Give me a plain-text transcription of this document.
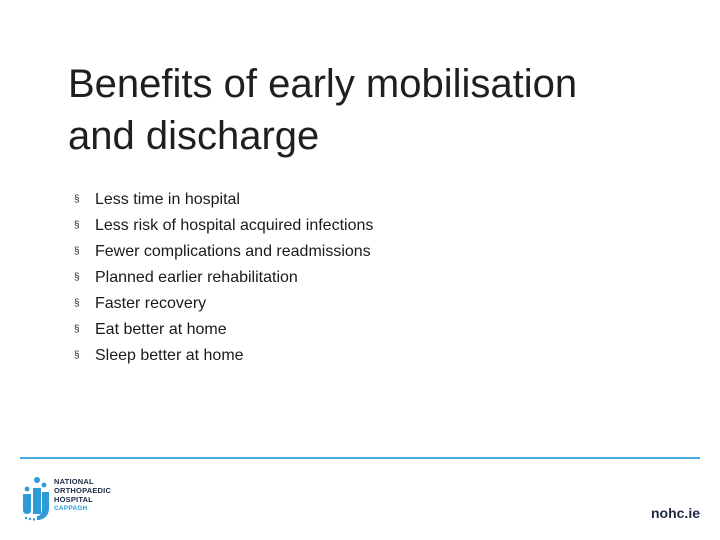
Benefits of early mobilisation
and discharge
§ Less time in hospital
§ Less risk of hospital acquired infections
§ Fewer complications and readmissions
§ Planned earlier rehabilitation
§ Faster recovery
§ Eat better at home
§ Sleep better at home
NATIONAL
ORTHOPAEDIC
HOSPITAL
CAPPAGH	nohc.ie
